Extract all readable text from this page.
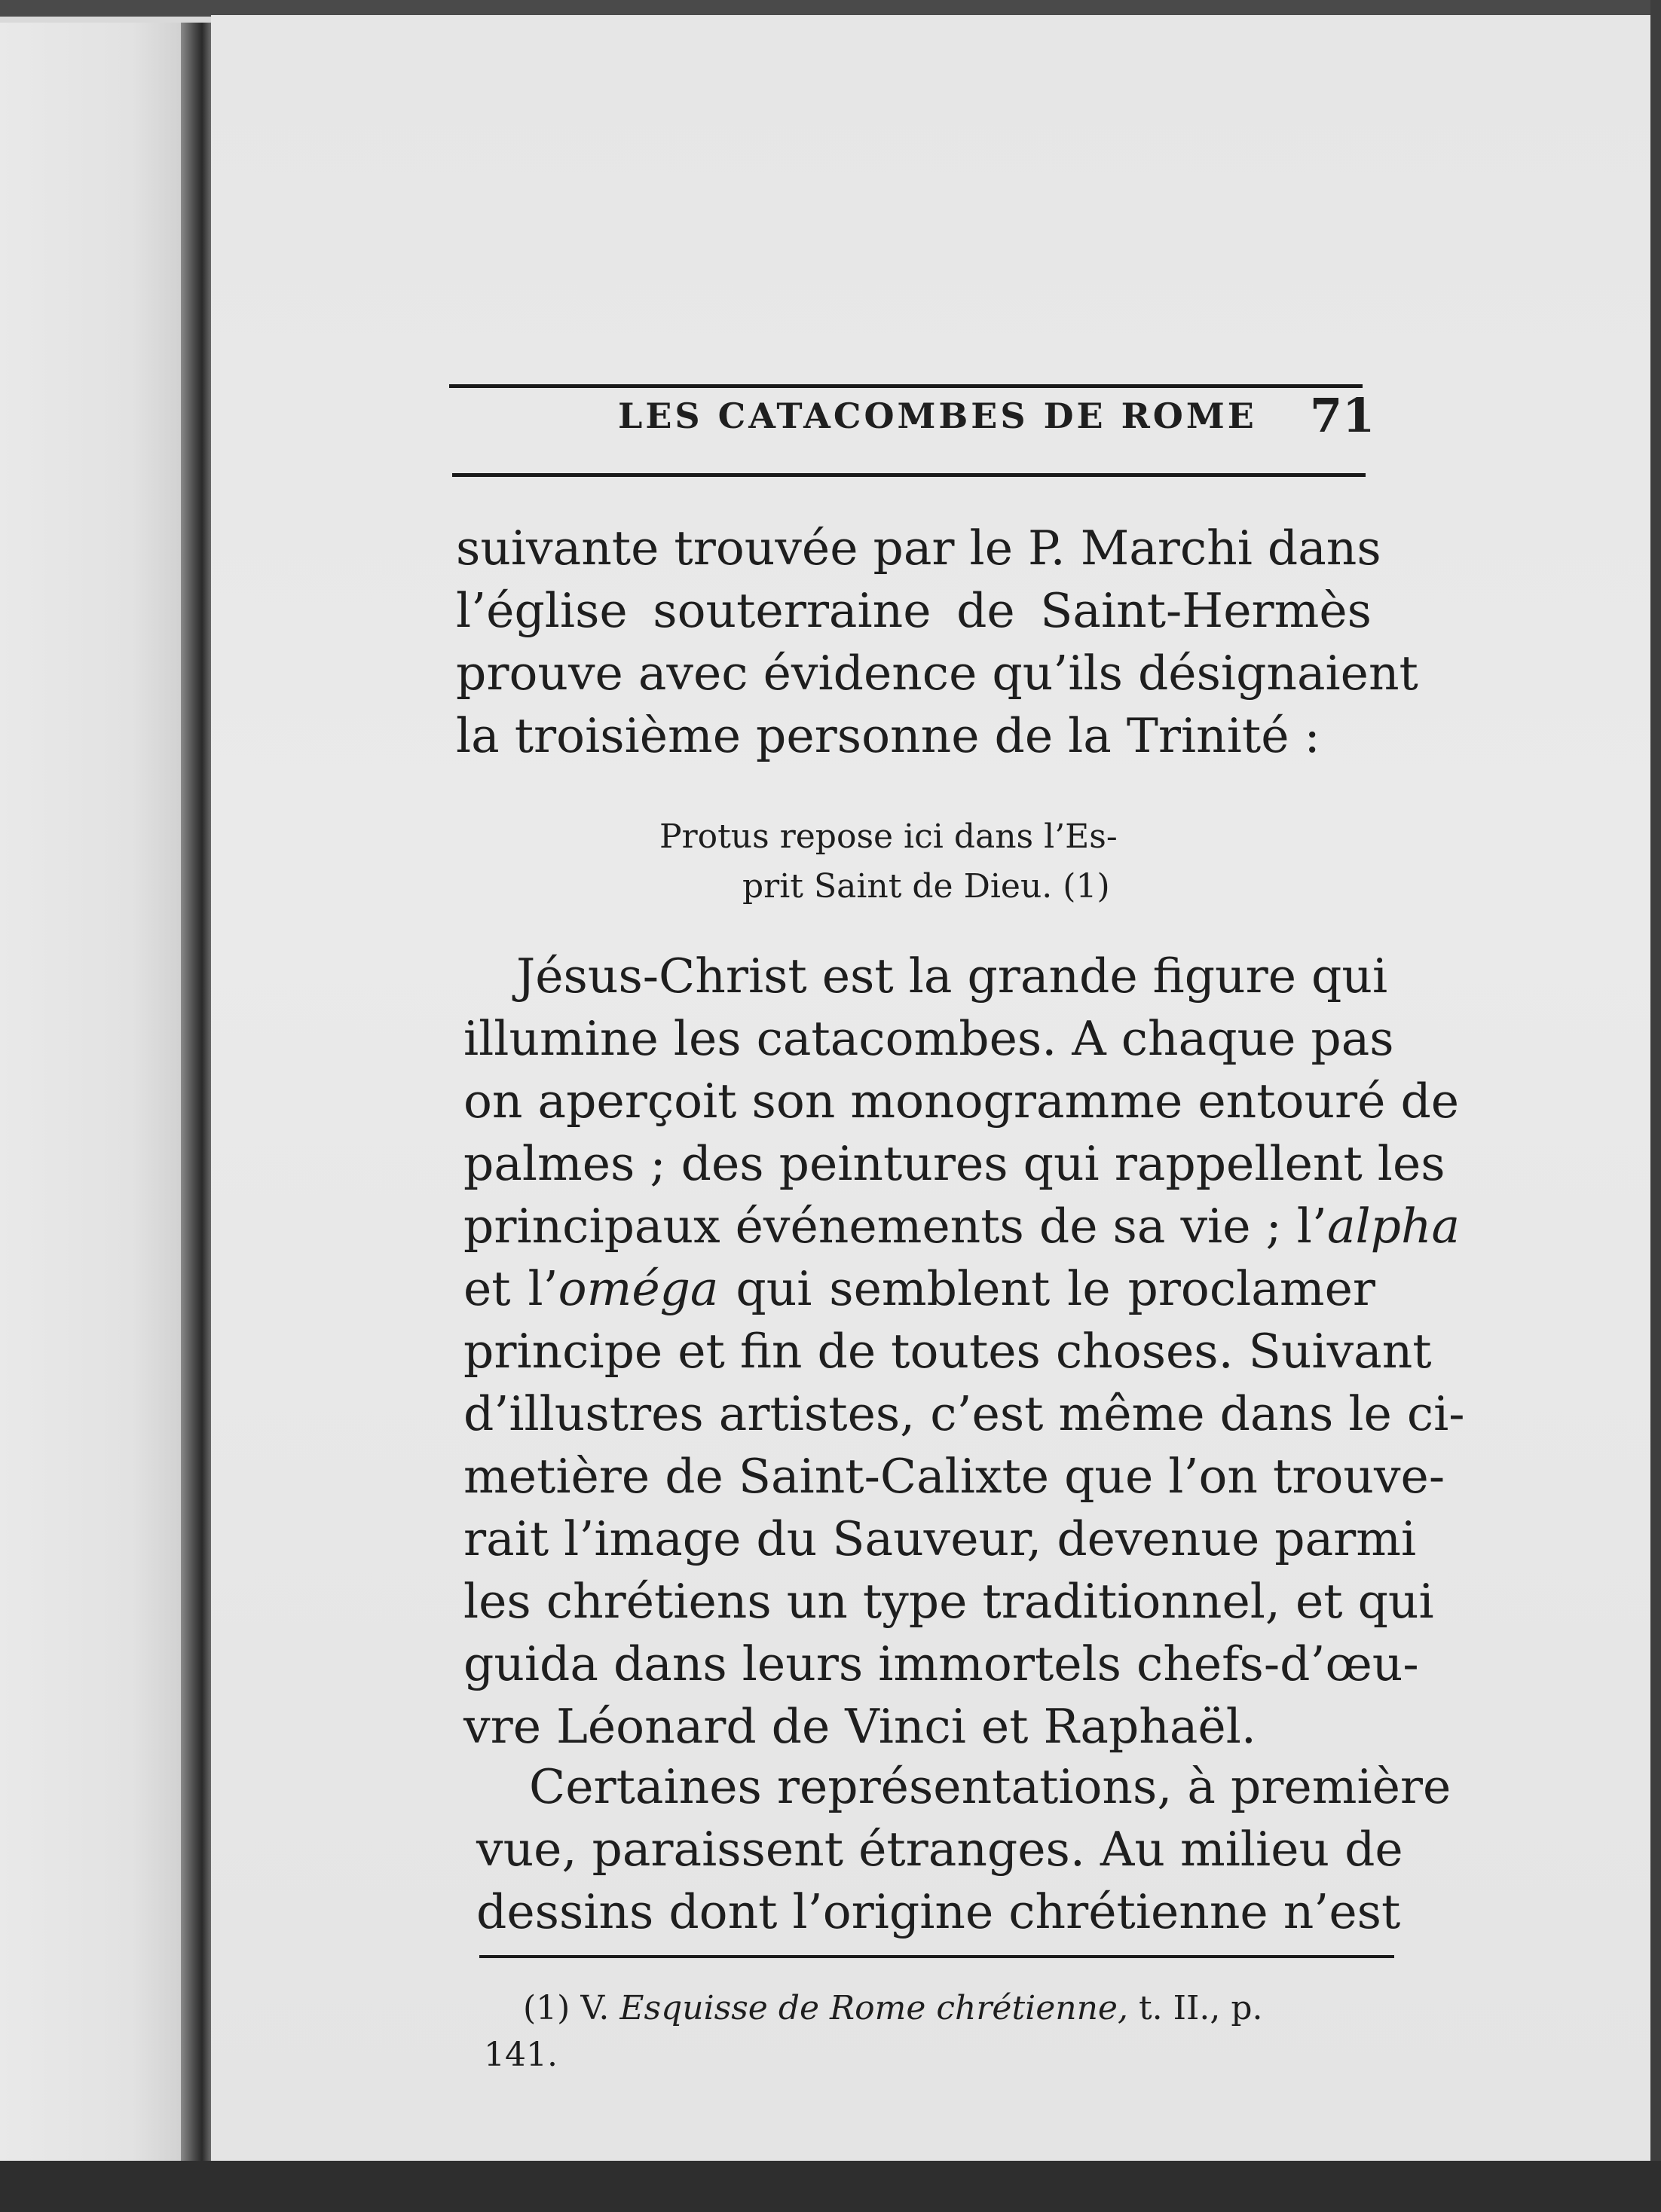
LES CATACOMBES DE ROME 71
suivante trouvée par le P. Marchi dans
l’église souterraine de Saint-Hermès
prouve avec évidence qu’ils désignaient
la troisième personne de la Trinité :
Protus repose ici dans l’Es-
prit Saint de Dieu. (1)
Jésus-Christ est la grande figure qui
illumine les catacombes. A chaque pas
on aperçoit son monogramme entouré de
palmes ; des peintures qui rappellent les
principaux événements de sa vie ; l’alpha
et l’oméga qui semblent le proclamer
principe et fin de toutes choses. Suivant
d’illustres artistes, c’est même dans le ci-
metière de Saint-Calixte que l’on trouve-
rait l’image du Sauveur, devenue parmi
les chrétiens un type traditionnel, et qui
guida dans leurs immortels chefs-d’œu-
vre Léonard de Vinci et Raphaël.
Certaines représentations, à première
vue, paraissent étranges. Au milieu de
dessins dont l’origine chrétienne n’est
(1) V. Esquisse de Rome chrétienne, t. II., p.
141.
